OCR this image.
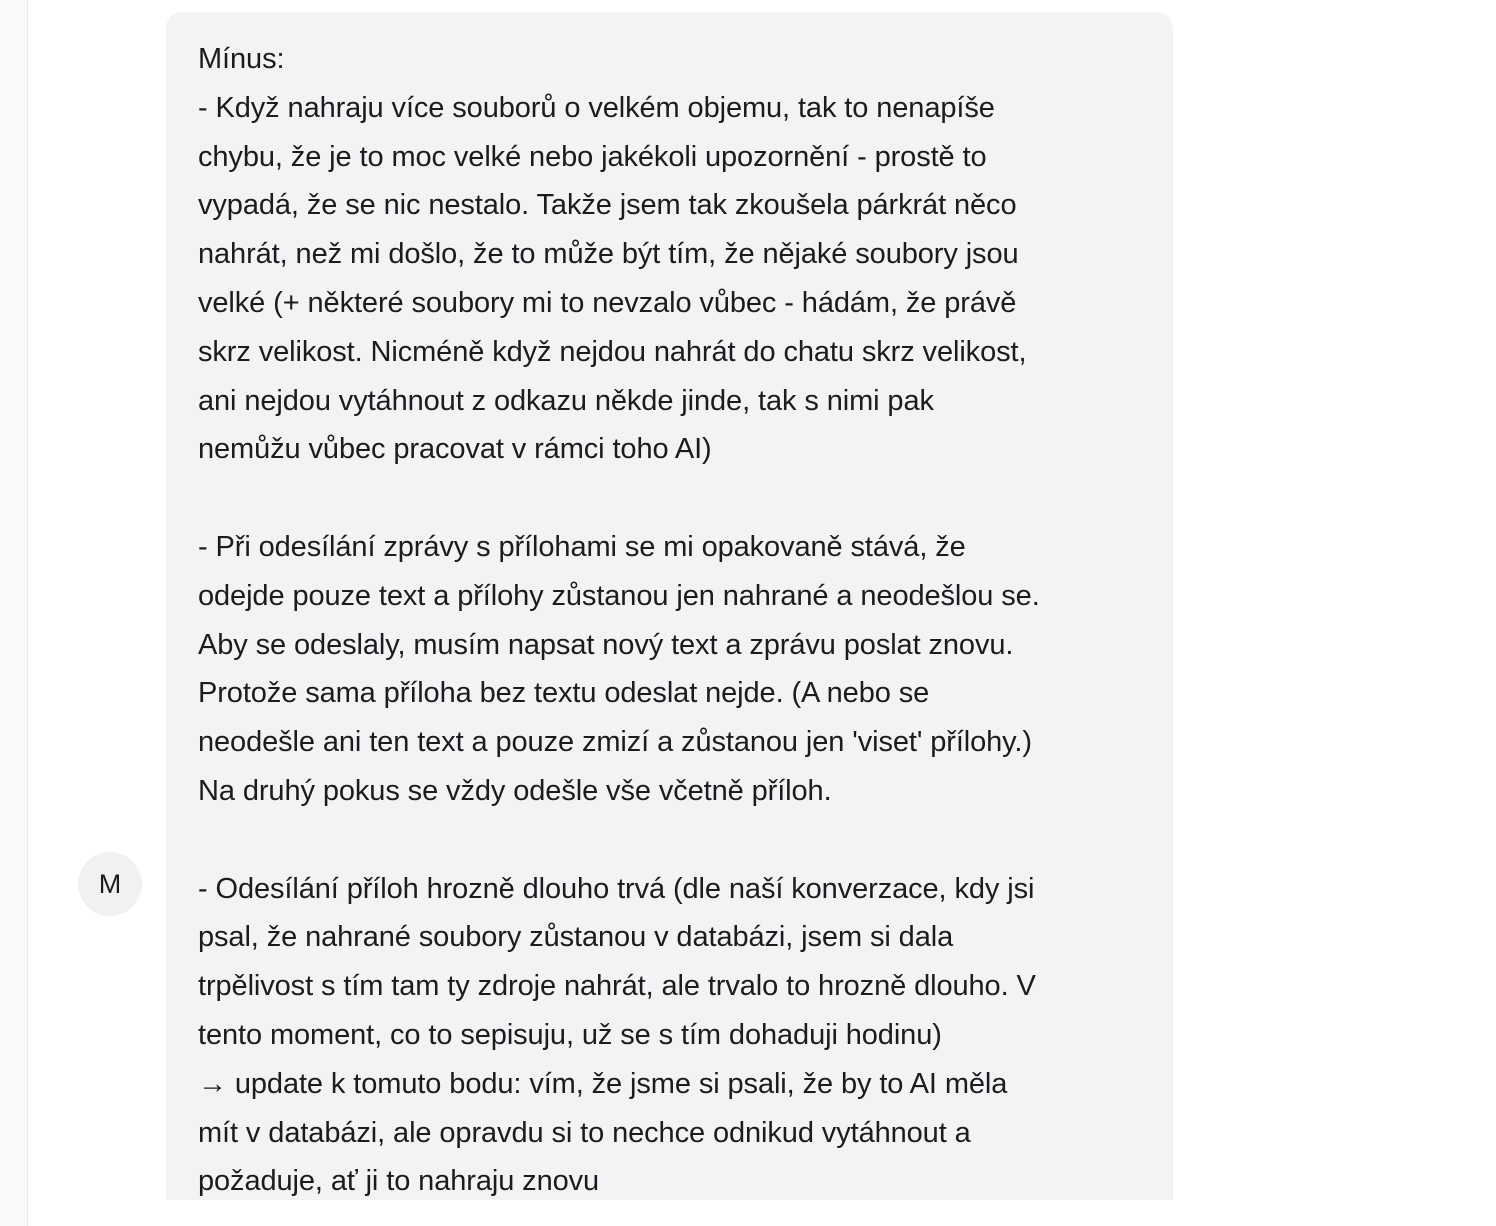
M

Mínus:
- Když nahraju více souborů o velkém objemu, tak to nenapíše
chybu, že je to moc velké nebo jakékoli upozornění - prostě to
vypadá, že se nic nestalo. Takže jsem tak zkoušela párkrát něco
nahrát, než mi došlo, že to může být tím, že nějaké soubory jsou
velké (+ některé soubory mi to nevzalo vůbec - hádám, že právě
skrz velikost. Nicméně když nejdou nahrát do chatu skrz velikost,
ani nejdou vytáhnout z odkazu někde jinde, tak s nimi pak
nemůžu vůbec pracovat v rámci toho AI)

- Při odesílání zprávy s přílohami se mi opakovaně stává, že
odejde pouze text a přílohy zůstanou jen nahrané a neodešlou se.
Aby se odeslaly, musím napsat nový text a zprávu poslat znovu.
Protože sama příloha bez textu odeslat nejde. (A nebo se
neodešle ani ten text a pouze zmizí a zůstanou jen 'viset' přílohy.)
Na druhý pokus se vždy odešle vše včetně příloh.

- Odesílání příloh hrozně dlouho trvá (dle naší konverzace, kdy jsi
psal, že nahrané soubory zůstanou v databázi, jsem si dala
trpělivost s tím tam ty zdroje nahrát, ale trvalo to hrozně dlouho. V
tento moment, co to sepisuju, už se s tím dohaduji hodinu)
→ update k tomuto bodu: vím, že jsme si psali, že by to AI měla
mít v databázi, ale opravdu si to nechce odnikud vytáhnout a
požaduje, ať ji to nahraju znovu
